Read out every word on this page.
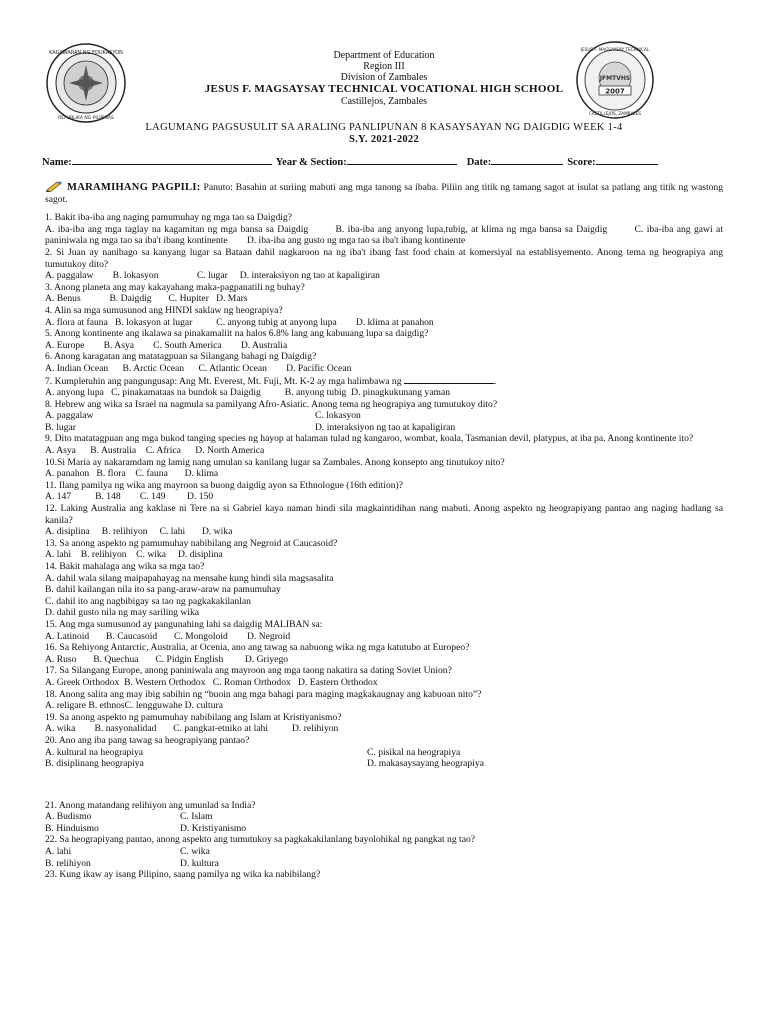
KAGAWARAN NG EDUKASYON
REPUBLIKA NG PILIPINAS
2007
JFMTVHS
JESUS F. MAGSAYSAY TECHNICAL
CASTILLEJOS, ZAMBALES
Department of Education
Region III
Division of Zambales
JESUS F. MAGSAYSAY TECHNICAL VOCATIONAL HIGH SCHOOL
Castillejos, Zambales
LAGUMANG PAGSUSULIT SA ARALING PANLIPUNAN 8 KASAYSAYAN NG DAIGDIG WEEK 1-4
S.Y. 2021-2022
Name:	Year & Section:	Date:	Score:
MARAMIHANG PAGPILI: Panuto: Basahin at suriing mabuti ang mga tanong sa ibaba. Piliin ang titik ng tamang sagot at isulat sa patlang ang titik ng wastong sagot.
1. Bakit iba-iba ang naging pamumuhay ng mga tao sa Daigdig?
A. iba-iba ang mga taglay na kagamitan ng mga bansa sa Daigdig        B. iba-iba ang anyong lupa,tubig, at klima ng mga bansa sa Daigdig        C. iba-iba ang gawi at paniniwala ng mga tao sa iba't ibang kontinente        D. iba-iba ang gusto ng mga tao sa iba't ibang kontinente
2. Si Juan ay nanibago sa kanyang lugar sa Bataan dahil nagkaroon na ng iba't ibang fast food chain at komersiyal na establisyemento. Anong tema ng heograpiya ang tumutukoy dito?
A. paggalaw        B. lokasyon                C. lugar     D. interaksiyon ng tao at kapaligiran
3. Anong planeta ang may kakayahang maka-pagpanatili ng buhay?
A. Benus            B. Daigdig       C. Hupiter   D. Mars
4. Alin sa mga sumusunod ang HINDI saklaw ng heograpiya?
A. flora at fauna   B. lokasyon at lugar          C. anyong tubig at anyong lupa        D. klima at panahon
5. Anong kontinente ang ikalawa sa pinakamaliit na halos 6.8% lang ang kabuuang lupa sa daigdig?
A. Europe        B. Asya        C. South America        D. Australia
6. Anong karagatan ang matatagpuan sa Silangang bahagi ng Daigdig?
A. Indian Ocean      B. Arctic Ocean      C. Atlantic Ocean        D. Pacific Ocean
7. Kumpletuhin ang pangungusap: Ang Mt. Everest, Mt. Fuji, Mt. K-2 ay mga halimbawa ng	.
A. anyong lupa   C. pinakamataas na bundok sa Daigdig          B. anyong tubig  D. pinagkukunang yaman
8. Hebrew ang wika sa Israel na nagmula sa pamilyang Afro-Asiatic. Anong tema ng heograpiya ang tumutukoy dito?
A. paggalaw	C. lokasyon
B. lugar	D. interaksiyon ng tao at kapaligiran
9. Dito matatagpuan ang mga bukod tanging species ng hayop at halaman tulad ng kangaroo, wombat, koala, Tasmanian devil, platypus, at iba pa. Anong kontinente ito?
A. Asya      B. Australia    C. Africa      D. North America
10.Si Maria ay nakaramdam ng lamig nang umulan sa kanilang lugar sa Zambales. Anong konsepto ang tinutukoy nito?
A. panahon   B. flora    C. fauna       D. klima
11. Ilang pamilya ng wika ang mayroon sa buong daigdig ayon sa Ethnologue (16th edition)?
A. 147          B. 148        C. 149         D. 150
12. Laking Australia ang kaklase ni Tere na si Gabriel kaya naman hindi sila magkaintidihan nang mabuti. Anong aspekto ng heograpiyang pantao ang naging hadlang sa kanila?
A. disiplina     B. relihiyon     C. lahi       D. wika
13. Sa anong aspekto ng pamumuhay nabibilang ang Negroid at Caucasoid?
A. lahi    B. relihiyon    C. wika     D. disiplina
14. Bakit mahalaga ang wika sa mga tao?
A. dahil wala silang maipapahayag na mensahe kung hindi sila magsasalita
B. dahil kailangan nila ito sa pang-araw-araw na pamumuhay
C. dahil ito ang nagbibigay sa tao ng pagkakakilanlan
D. dahil gusto nila ng may sariling wika
15. Ang mga sumusunod ay pangunahing lahi sa daigdig MALIBAN sa:
A. Latinoid       B. Caucasoid       C. Mongoloid        D. Negroid
16. Sa Rehiyong Antarctic, Australia, at Ocenia, ano ang tawag sa nabuong wika ng mga katutubo at Europeo?
A. Ruso       B. Quechua       C. Pidgin English         D. Griyego
17. Sa Silangang Europe, anong paniniwala ang mayroon ang mga taong nakatira sa dating Soviet Union?
A. Greek Orthodox  B. Western Orthodox   C. Roman Orthodox   D. Eastern Orthodox
18. Anong salita ang may ibig sabihin ng “buoin ang mga bahagi para maging magkakaugnay ang kabuoan nito”?
A. religare B. ethnosC. lengguwahe D. cultura
19. Sa anong aspekto ng pamumuhay nabibilang ang Islam at Kristiyanismo?
A. wika        B. nasyonalidad       C. pangkat-etniko at lahi          D. relihiyon
20. Ano ang iba pang tawag sa heograpiyang pantao?
A. kultural na heograpiya	C. pisikal na heograpiya
B. disiplinang heograpiya	D. makasaysayang heograpiya
21. Anong matandang relihiyon ang umunlad sa India?
A. Budismo	C. Islam
B. Hinduismo	D. Kristiyanismo
22. Sa heograpiyang pantao, anong aspekto ang tumutukoy sa pagkakakilanlang bayolohikal ng pangkat ng tao?
A. lahi	C. wika
B. relihiyon	D. kultura
23. Kung ikaw ay isang Pilipino, saang pamilya ng wika ka nabibilang?
